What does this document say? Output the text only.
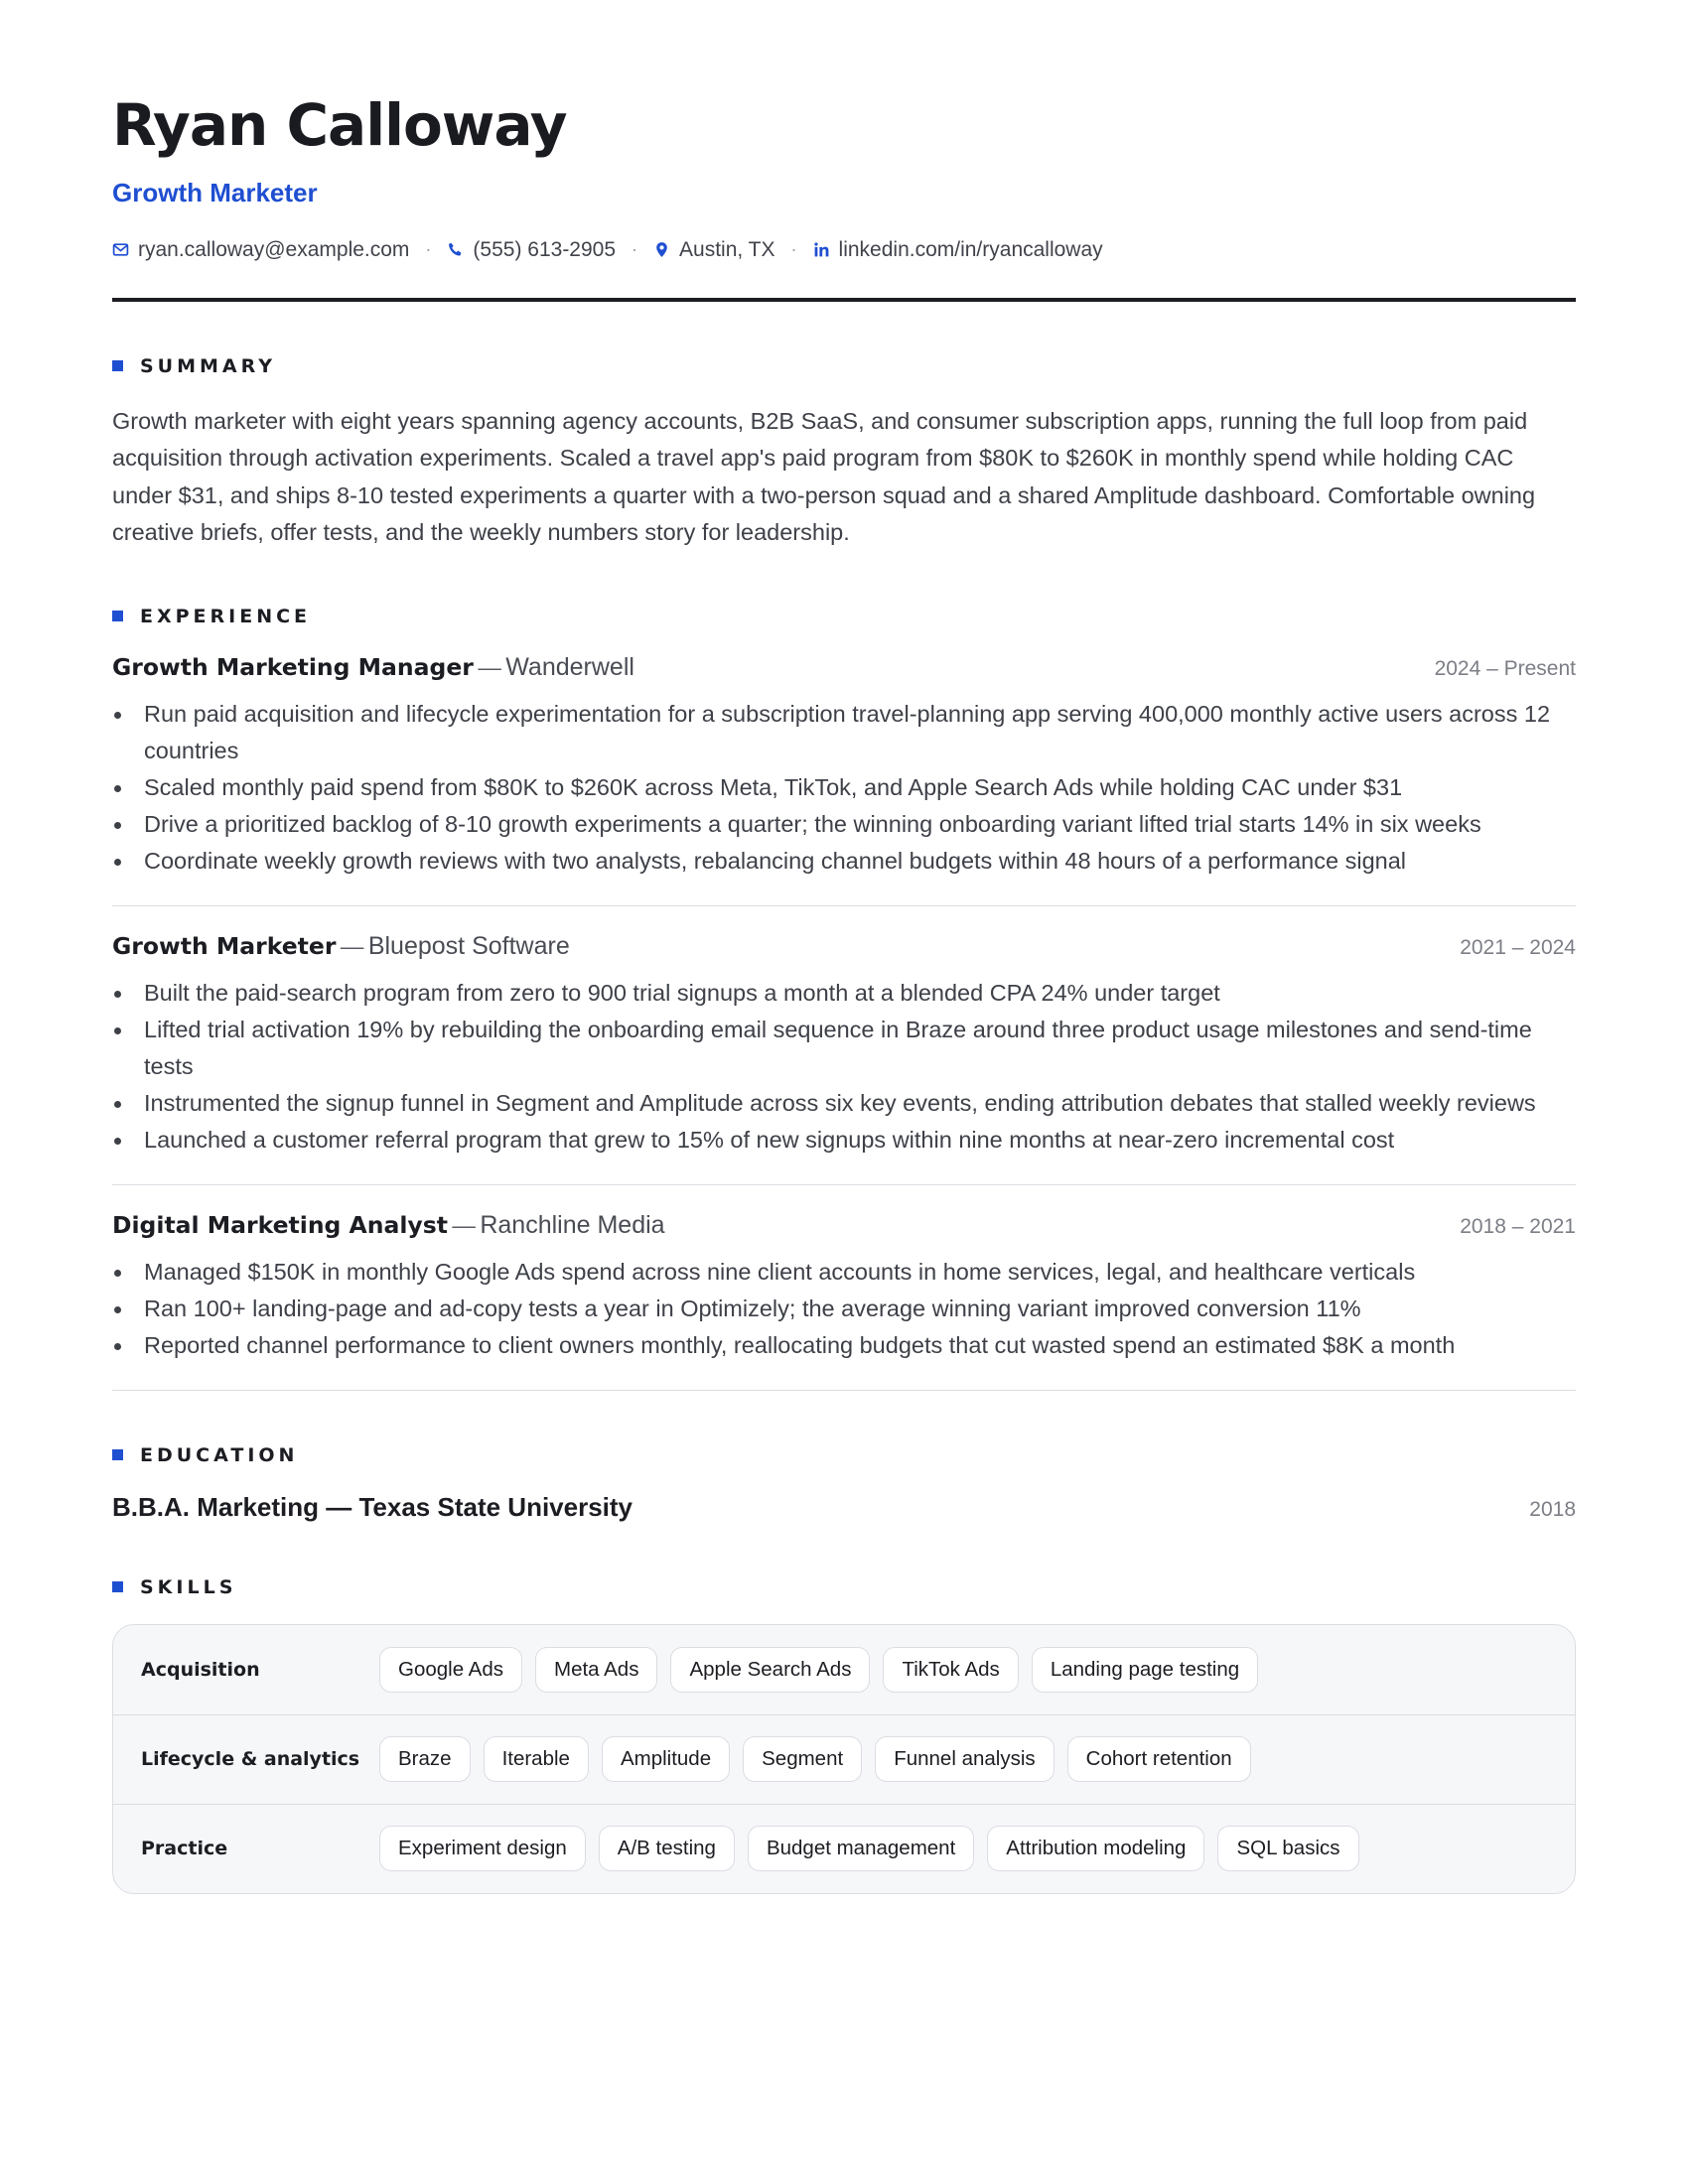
Ryan Calloway
Growth Marketer
ryan.calloway@example.com · (555) 613-2905 · Austin, TX · linkedin.com/in/ryancalloway
SUMMARY

Growth marketer with eight years spanning agency accounts, B2B SaaS, and consumer subscription apps, running the full loop from paid acquisition through activation experiments. Scaled a travel app's paid program from $80K to $260K in monthly spend while holding CAC under $31, and ships 8-10 tested experiments a quarter with a two-person squad and a shared Amplitude dashboard. Comfortable owning creative briefs, offer tests, and the weekly numbers story for leadership.

EXPERIENCE
Growth Marketing Manager — Wanderwell	2024 – Present
Run paid acquisition and lifecycle experimentation for a subscription travel-planning app serving 400,000 monthly active users across 12 countries
Scaled monthly paid spend from $80K to $260K across Meta, TikTok, and Apple Search Ads while holding CAC under $31
Drive a prioritized backlog of 8-10 growth experiments a quarter; the winning onboarding variant lifted trial starts 14% in six weeks
Coordinate weekly growth reviews with two analysts, rebalancing channel budgets within 48 hours of a performance signal
Growth Marketer — Bluepost Software	2021 – 2024
Built the paid-search program from zero to 900 trial signups a month at a blended CPA 24% under target
Lifted trial activation 19% by rebuilding the onboarding email sequence in Braze around three product usage milestones and send-time tests
Instrumented the signup funnel in Segment and Amplitude across six key events, ending attribution debates that stalled weekly reviews
Launched a customer referral program that grew to 15% of new signups within nine months at near-zero incremental cost
Digital Marketing Analyst — Ranchline Media	2018 – 2021
Managed $150K in monthly Google Ads spend across nine client accounts in home services, legal, and healthcare verticals
Ran 100+ landing-page and ad-copy tests a year in Optimizely; the average winning variant improved conversion 11%
Reported channel performance to client owners monthly, reallocating budgets that cut wasted spend an estimated $8K a month
EDUCATION
B.B.A. Marketing — Texas State University	2018
SKILLS
Acquisition	Google Ads	Meta Ads	Apple Search Ads	TikTok Ads	Landing page testing
Lifecycle & analytics	Braze	Iterable	Amplitude	Segment	Funnel analysis	Cohort retention
Practice	Experiment design	A/B testing	Budget management	Attribution modeling	SQL basics
